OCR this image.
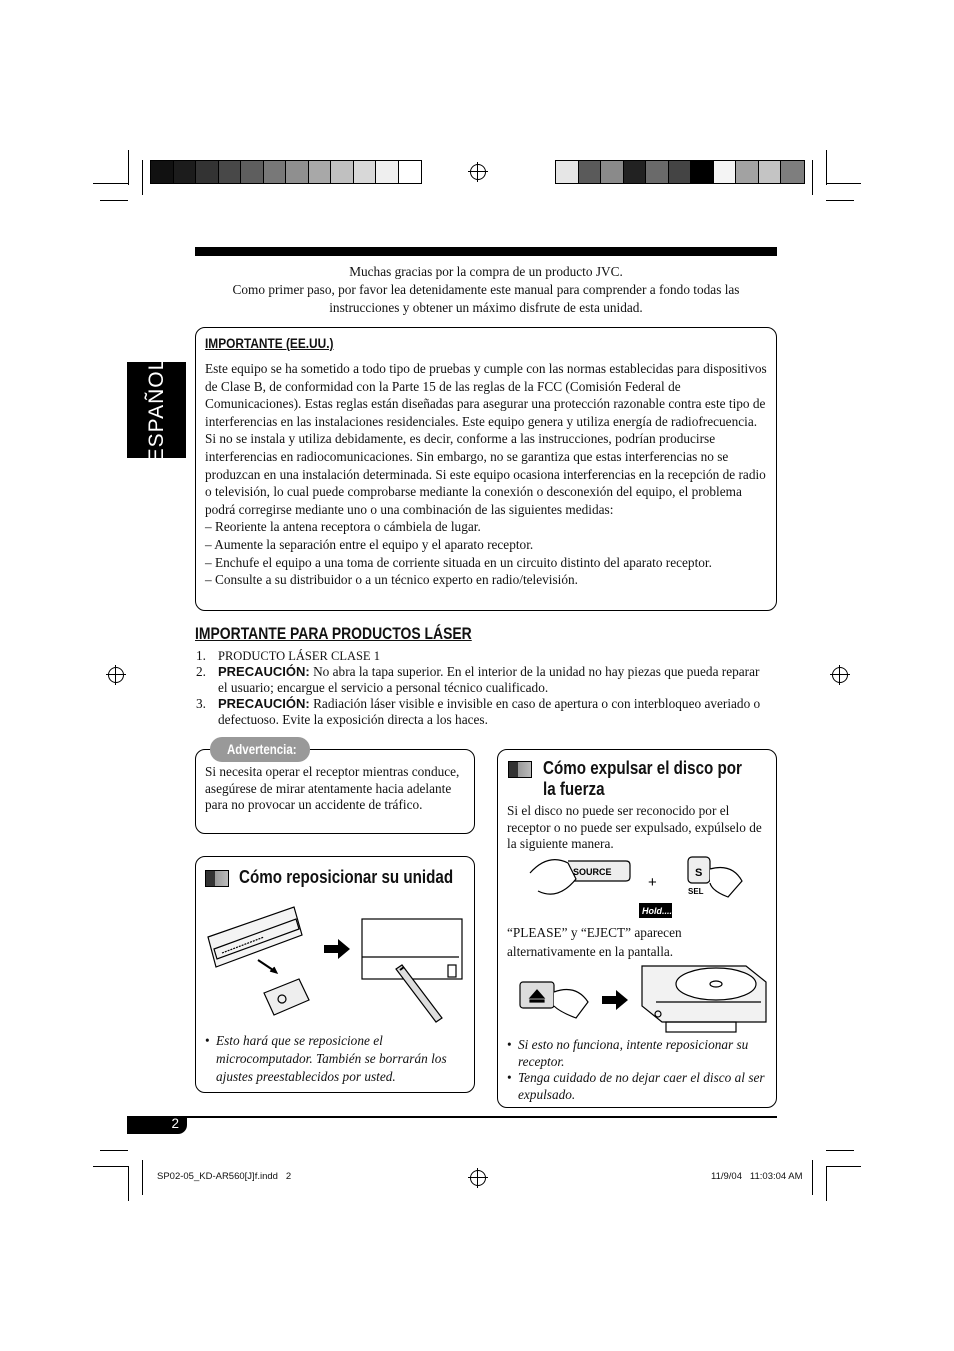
ESPAÑOL
Muchas gracias por la compra de un producto JVC.
Como primer paso, por favor lea detenidamente este manual para comprender a fondo todas las instrucciones y obtener un máximo disfrute de esta unidad.
IMPORTANTE (EE.UU.)
Este equipo se ha sometido a todo tipo de pruebas y cumple con las normas establecidas para dispositivos de Clase B, de conformidad con la Parte 15 de las reglas de la FCC (Comisión Federal de Comunicaciones). Estas reglas están diseñadas para asegurar una protección razonable contra este tipo de interferencias en las instalaciones residenciales. Este equipo genera y utiliza energía de radiofrecuencia. Si no se instala y utiliza debidamente, es decir, conforme a las instrucciones, podrían producirse interferencias en radiocomunicaciones. Sin embargo, no se garantiza que estas interferencias no se produzcan en una instalación determinada. Si este equipo ocasiona interferencias en la recepción de radio o televisión, lo cual puede comprobarse mediante la conexión o desconexión del equipo, el problema podrá corregirse mediante uno o una combinación de las siguientes medidas:
– Reoriente la antena receptora o cámbiela de lugar.
– Aumente la separación entre el equipo y el aparato receptor.
– Enchufe el equipo a una toma de corriente situada en un circuito distinto del aparato receptor.
– Consulte a su distribuidor o a un técnico experto en radio/televisión.
IMPORTANTE PARA PRODUCTOS LÁSER
1. PRODUCTO LÁSER CLASE 1
2. PRECAUCIÓN: No abra la tapa superior. En el interior de la unidad no hay piezas que pueda reparar el usuario; encargue el servicio a personal técnico cualificado.
3. PRECAUCIÓN: Radiación láser visible e invisible en caso de apertura o con interbloqueo averiado o defectuoso. Evite la exposición directa a los haces.
Si necesita operar el receptor mientras conduce, asegúrese de mirar atentamente hacia adelante para no provocar un accidente de tráfico.
Advertencia:
Cómo reposicionar su unidad
• Esto hará que se reposicione el microcomputador. También se borrarán los ajustes preestablecidos por usted.
Cómo expulsar el disco por la fuerza
Si el disco no puede ser reconocido por el receptor o no puede ser expulsado, expúlselo de la siguiente manera.
SOURCE
+
S
SEL
Hold....
“PLEASE” y “EJECT” aparecen alternativamente en la pantalla.
• Si esto no funciona, intente reposicionar su receptor.
• Tenga cuidado de no dejar caer el disco al ser expulsado.
2
SP02-05_KD-AR560[J]f.indd   2	11/9/04   11:03:04 AM
